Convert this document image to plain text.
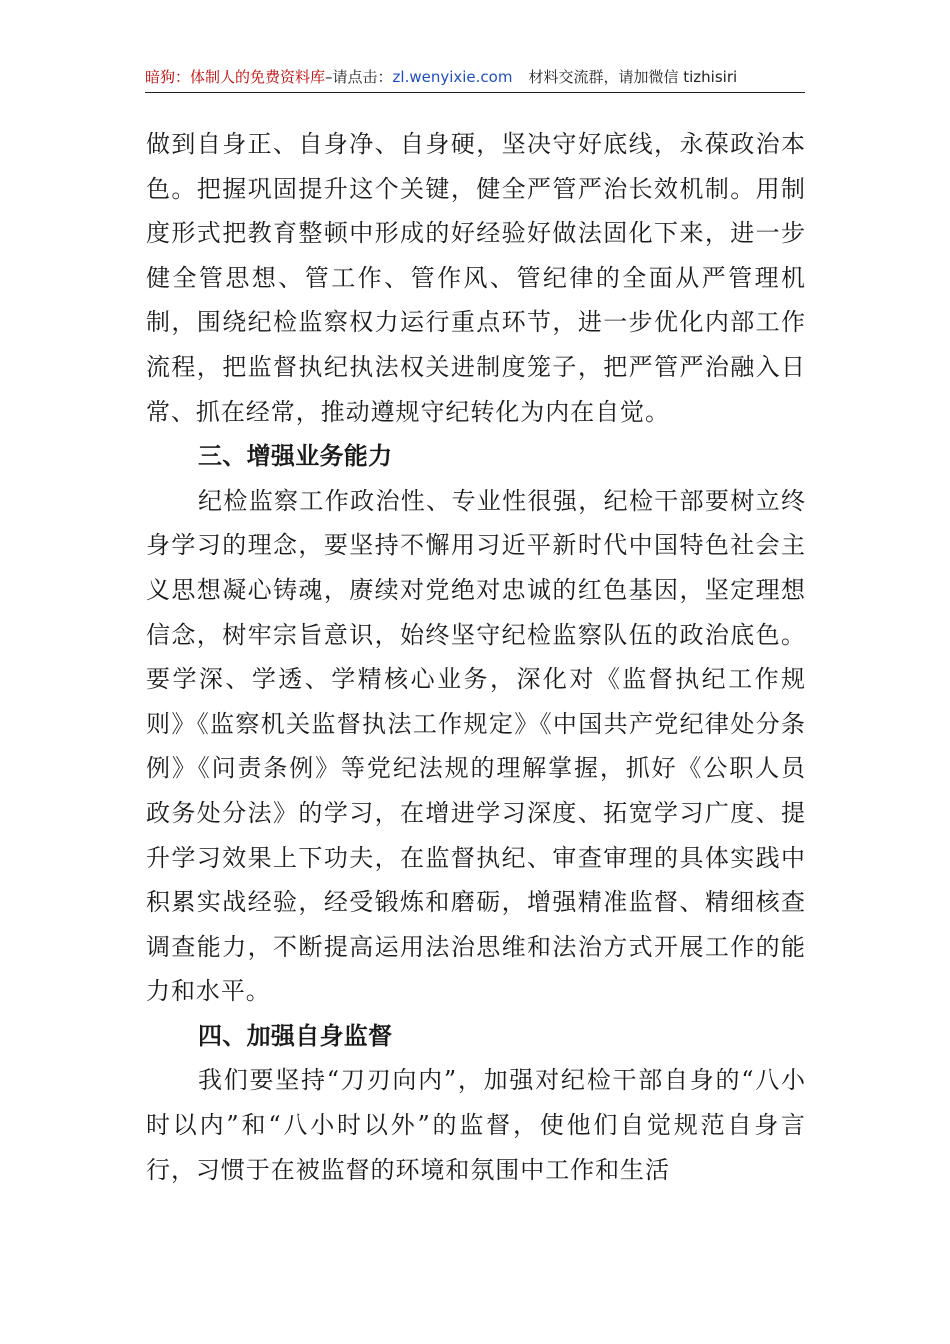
暗狗：体制人的免费资料库–请点击：zl.wenyixie.com 材料交流群，请加微信 tizhisiri

做到自身正、自身净、自身硬，坚决守好底线，永葆政治本色。把握巩固提升这个关键，健全严管严治长效机制。用制度形式把教育整顿中形成的好经验好做法固化下来，进一步健全管思想、管工作、管作风、管纪律的全面从严管理机制，围绕纪检监察权力运行重点环节，进一步优化内部工作流程，把监督执纪执法权关进制度笼子，把严管严治融入日常、抓在经常，推动遵规守纪转化为内在自觉。

三、增强业务能力

纪检监察工作政治性、专业性很强，纪检干部要树立终身学习的理念，要坚持不懈用习近平新时代中国特色社会主义思想凝心铸魂，赓续对党绝对忠诚的红色基因，坚定理想信念，树牢宗旨意识，始终坚守纪检监察队伍的政治底色。要学深、学透、学精核心业务，深化对《监督执纪工作规则》《监察机关监督执法工作规定》《中国共产党纪律处分条例》《问责条例》等党纪法规的理解掌握，抓好《公职人员政务处分法》的学习，在增进学习深度、拓宽学习广度、提升学习效果上下功夫，在监督执纪、审查审理的具体实践中积累实战经验，经受锻炼和磨砺，增强精准监督、精细核查调查能力，不断提高运用法治思维和法治方式开展工作的能力和水平。

四、加强自身监督

我们要坚持“刀刃向内”，加强对纪检干部自身的“八小时以内”和“八小时以外”的监督，使他们自觉规范自身言行，习惯于在被监督的环境和氛围中工作和生活
